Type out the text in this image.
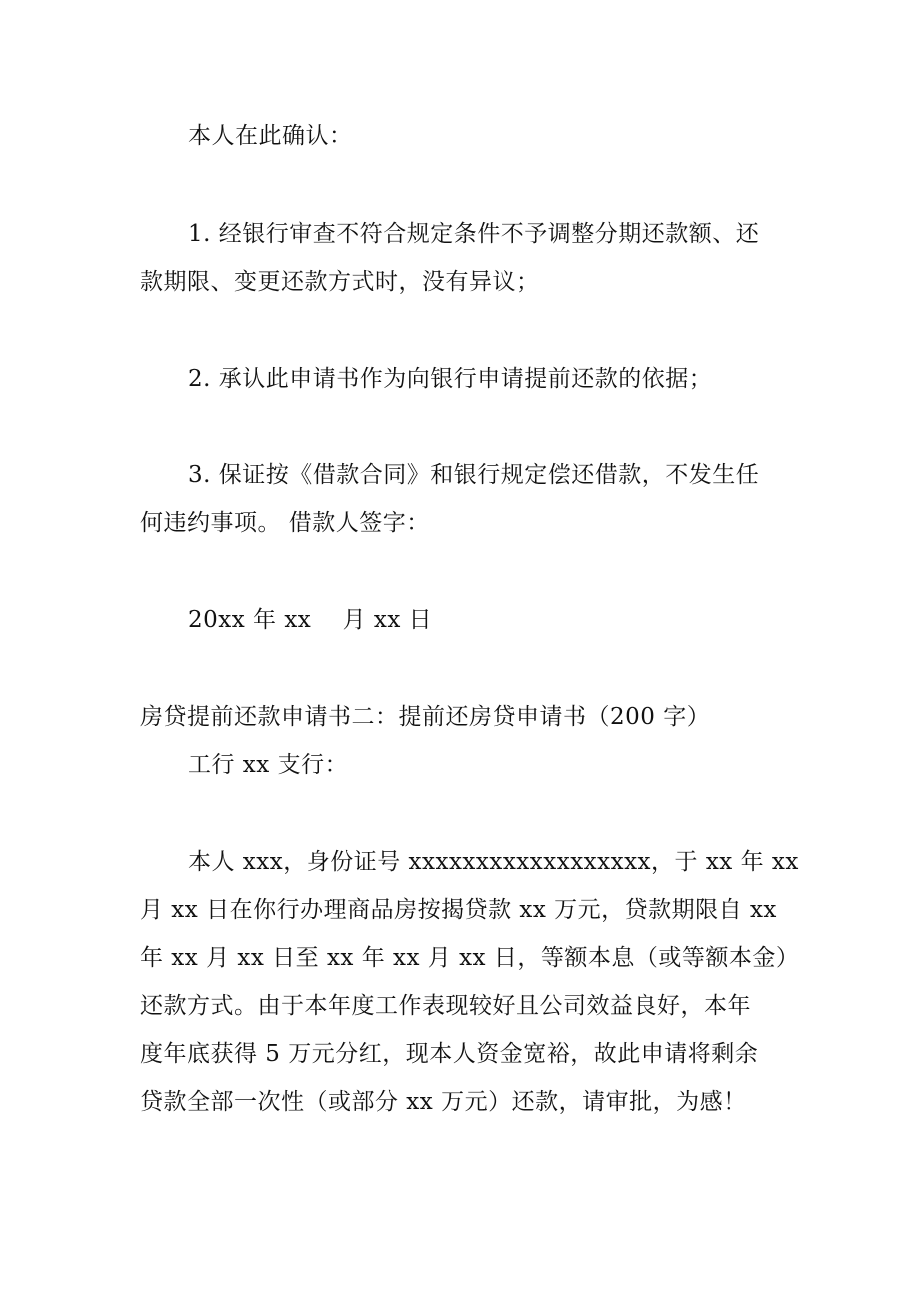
本人在此确认：
1. 经银行审查不符合规定条件不予调整分期还款额、还
款期限、变更还款方式时，没有异议；
2. 承认此申请书作为向银行申请提前还款的依据；
3. 保证按《借款合同》和银行规定偿还借款，不发生任
何违约事项。 借款人签字：
20xx 年 xx　 月 xx 日
房贷提前还款申请书二：提前还房贷申请书（200 字）
工行 xx 支行：
本人 xxx，身份证号 xxxxxxxxxxxxxxxxxx，于 xx 年 xx
月 xx 日在你行办理商品房按揭贷款 xx 万元，贷款期限自 xx
年 xx 月 xx 日至 xx 年 xx 月 xx 日，等额本息（或等额本金）
还款方式。由于本年度工作表现较好且公司效益良好，本年
度年底获得 5 万元分红，现本人资金宽裕，故此申请将剩余
贷款全部一次性（或部分 xx 万元）还款，请审批，为感！
